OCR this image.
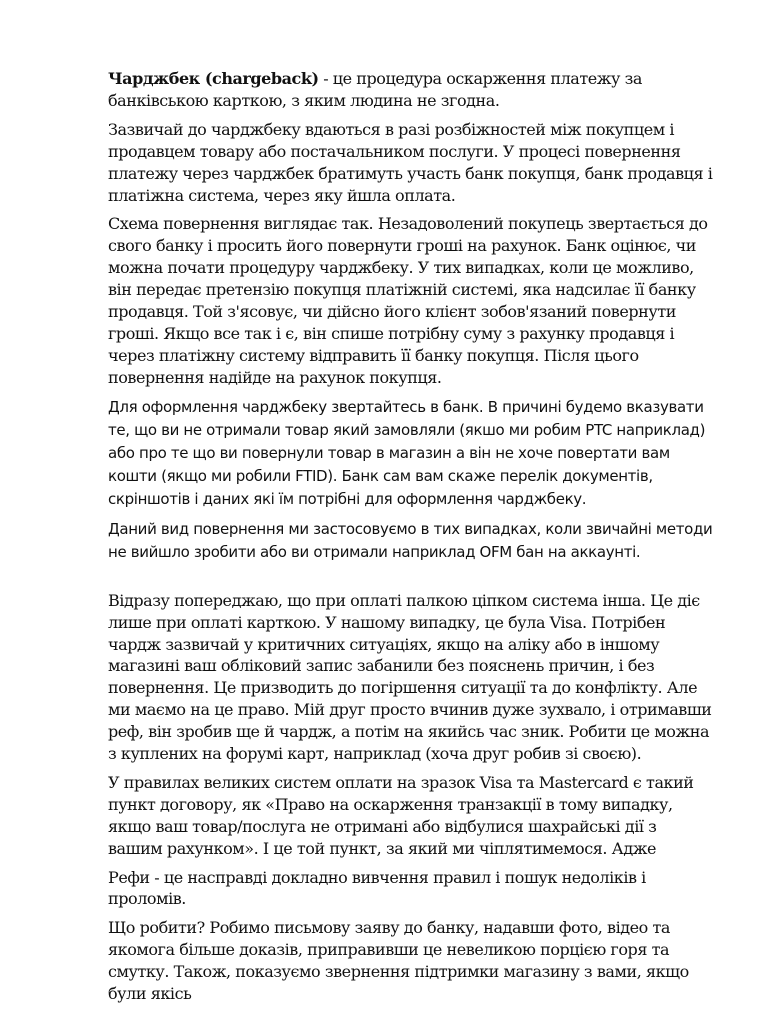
Чарджбек (chargeback) - це процедура оскарження платежу за банківською карткою, з яким людина не згодна.

Зазвичай до чарджбеку вдаються в разі розбіжностей між покупцем і продавцем товару або постачальником послуги. У процесі повернення платежу через чарджбек братимуть участь банк покупця, банк продавця і платіжна система, через яку йшла оплата.

Схема повернення виглядає так. Незадоволений покупець звертається до свого банку і просить його повернути гроші на рахунок. Банк оцінює, чи можна почати процедуру чарджбеку. У тих випадках, коли це можливо, він передає претензію покупця платіжній системі, яка надсилає її банку продавця. Той з'ясовує, чи дійсно його клієнт зобов'язаний повернути гроші. Якщо все так і є, він спише потрібну суму з рахунку продавця і через платіжну систему відправить її банку покупця. Після цього повернення надійде на рахунок покупця.

Для оформлення чарджбеку звертайтесь в банк. В причині будемо вказувати те, що ви не отримали товар який замовляли (якшо ми робим PTC наприклад) або про те що ви повернули товар в магазин а він не хоче повертати вам кошти (якщо ми робили FTID). Банк сам вам скаже перелік документів, скріншотів і даних які їм потрібні для оформлення чарджбеку.

Даний вид повернення ми застосовуємо в тих випадках, коли звичайні методи не вийшло зробити або ви отримали наприклад OFM бан на аккаунті.

Відразу попереджаю, що при оплаті палкою ціпком система інша. Це діє лише при оплаті карткою. У нашому випадку, це була Visa. Потрібен чардж зазвичай у критичних ситуаціях, якщо на аліку або в іншому магазині ваш обліковий запис забанили без пояснень причин, і без повернення. Це призводить до погіршення ситуації та до конфлікту. Але ми маємо на це право. Мій друг просто вчинив дуже зухвало, і отримавши реф, він зробив ще й чардж, а потім на якийсь час зник. Робити це можна з куплених на форумі карт, наприклад (хоча друг робив зі своєю).

У правилах великих систем оплати на зразок Visa та Mastercard є такий пункт договору, як «Право на оскарження транзакції в тому випадку, якщо ваш товар/послуга не отримані або відбулися шахрайські дії з вашим рахунком». І це той пункт, за який ми чіплятимемося. Адже

Рефи - це насправді докладно вивчення правил і пошук недоліків і проломів.

Що робити? Робимо письмову заяву до банку, надавши фото, відео та якомога більше доказів, приправивши це невеликою порцією горя та смутку. Також, показуємо звернення підтримки магазину з вами, якщо були якісь
